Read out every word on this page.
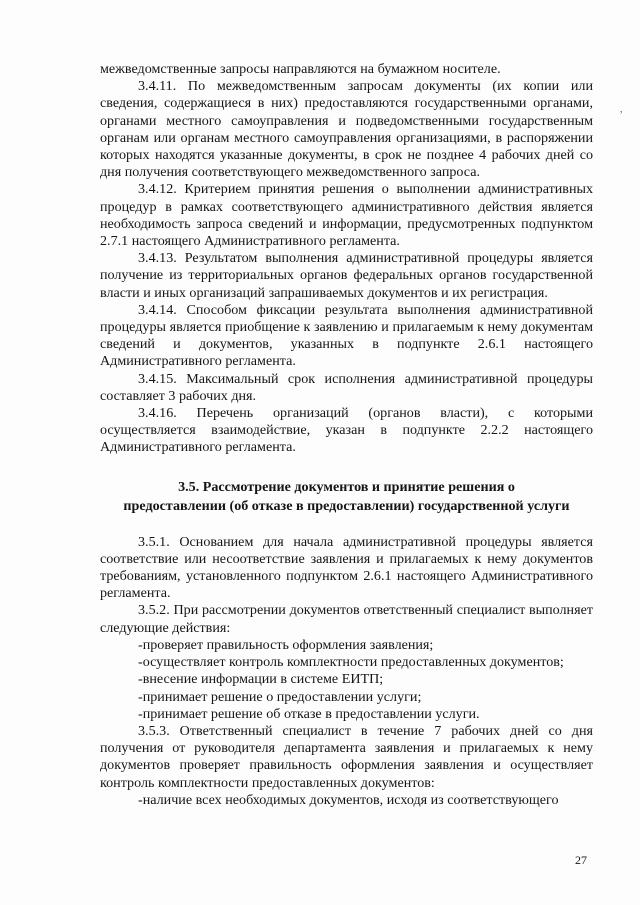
,

межведомственные запросы направляются на бумажном носителе.

3.4.11. По межведомственным запросам документы (их копии или сведения, содержащиеся в них) предоставляются государственными органами, органами местного самоуправления и подведомственными государственным органам или органам местного самоуправления организациями, в распоряжении которых находятся указанные документы, в срок не позднее 4 рабочих дней со дня получения соответствующего межведомственного запроса.

3.4.12. Критерием принятия решения о выполнении административных процедур в рамках соответствующего административного действия является необходимость запроса сведений и информации, предусмотренных подпунктом 2.7.1 настоящего Административного регламента.

3.4.13. Результатом выполнения административной процедуры является получение из территориальных органов федеральных органов государственной власти и иных организаций запрашиваемых документов и их регистрация.

3.4.14. Способом фиксации результата выполнения административной процедуры является приобщение к заявлению и прилагаемым к нему документам сведений и документов, указанных в подпункте 2.6.1 настоящего Административного регламента.

3.4.15. Максимальный срок исполнения административной процедуры составляет 3 рабочих дня.

3.4.16. Перечень организаций (органов власти), с которыми осуществляется взаимодействие, указан в подпункте 2.2.2 настоящего Административного регламента.

3.5. Рассмотрение документов и принятие решения о
предоставлении (об отказе в предоставлении) государственной услуги

3.5.1. Основанием для начала административной процедуры является соответствие или несоответствие заявления и прилагаемых к нему документов требованиям, установленного подпунктом 2.6.1 настоящего Административного регламента.

3.5.2. При рассмотрении документов ответственный специалист выполняет следующие действия:

-проверяет правильность оформления заявления;

-осуществляет контроль комплектности предоставленных документов;

-внесение информации в системе ЕИТП;

-принимает решение о предоставлении услуги;

-принимает решение об отказе в предоставлении услуги.

3.5.3. Ответственный специалист в течение 7 рабочих дней со дня получения от руководителя департамента заявления и прилагаемых к нему документов проверяет правильность оформления заявления и осуществляет контроль комплектности предоставленных документов:

-наличие всех необходимых документов, исходя из соответствующего

27
